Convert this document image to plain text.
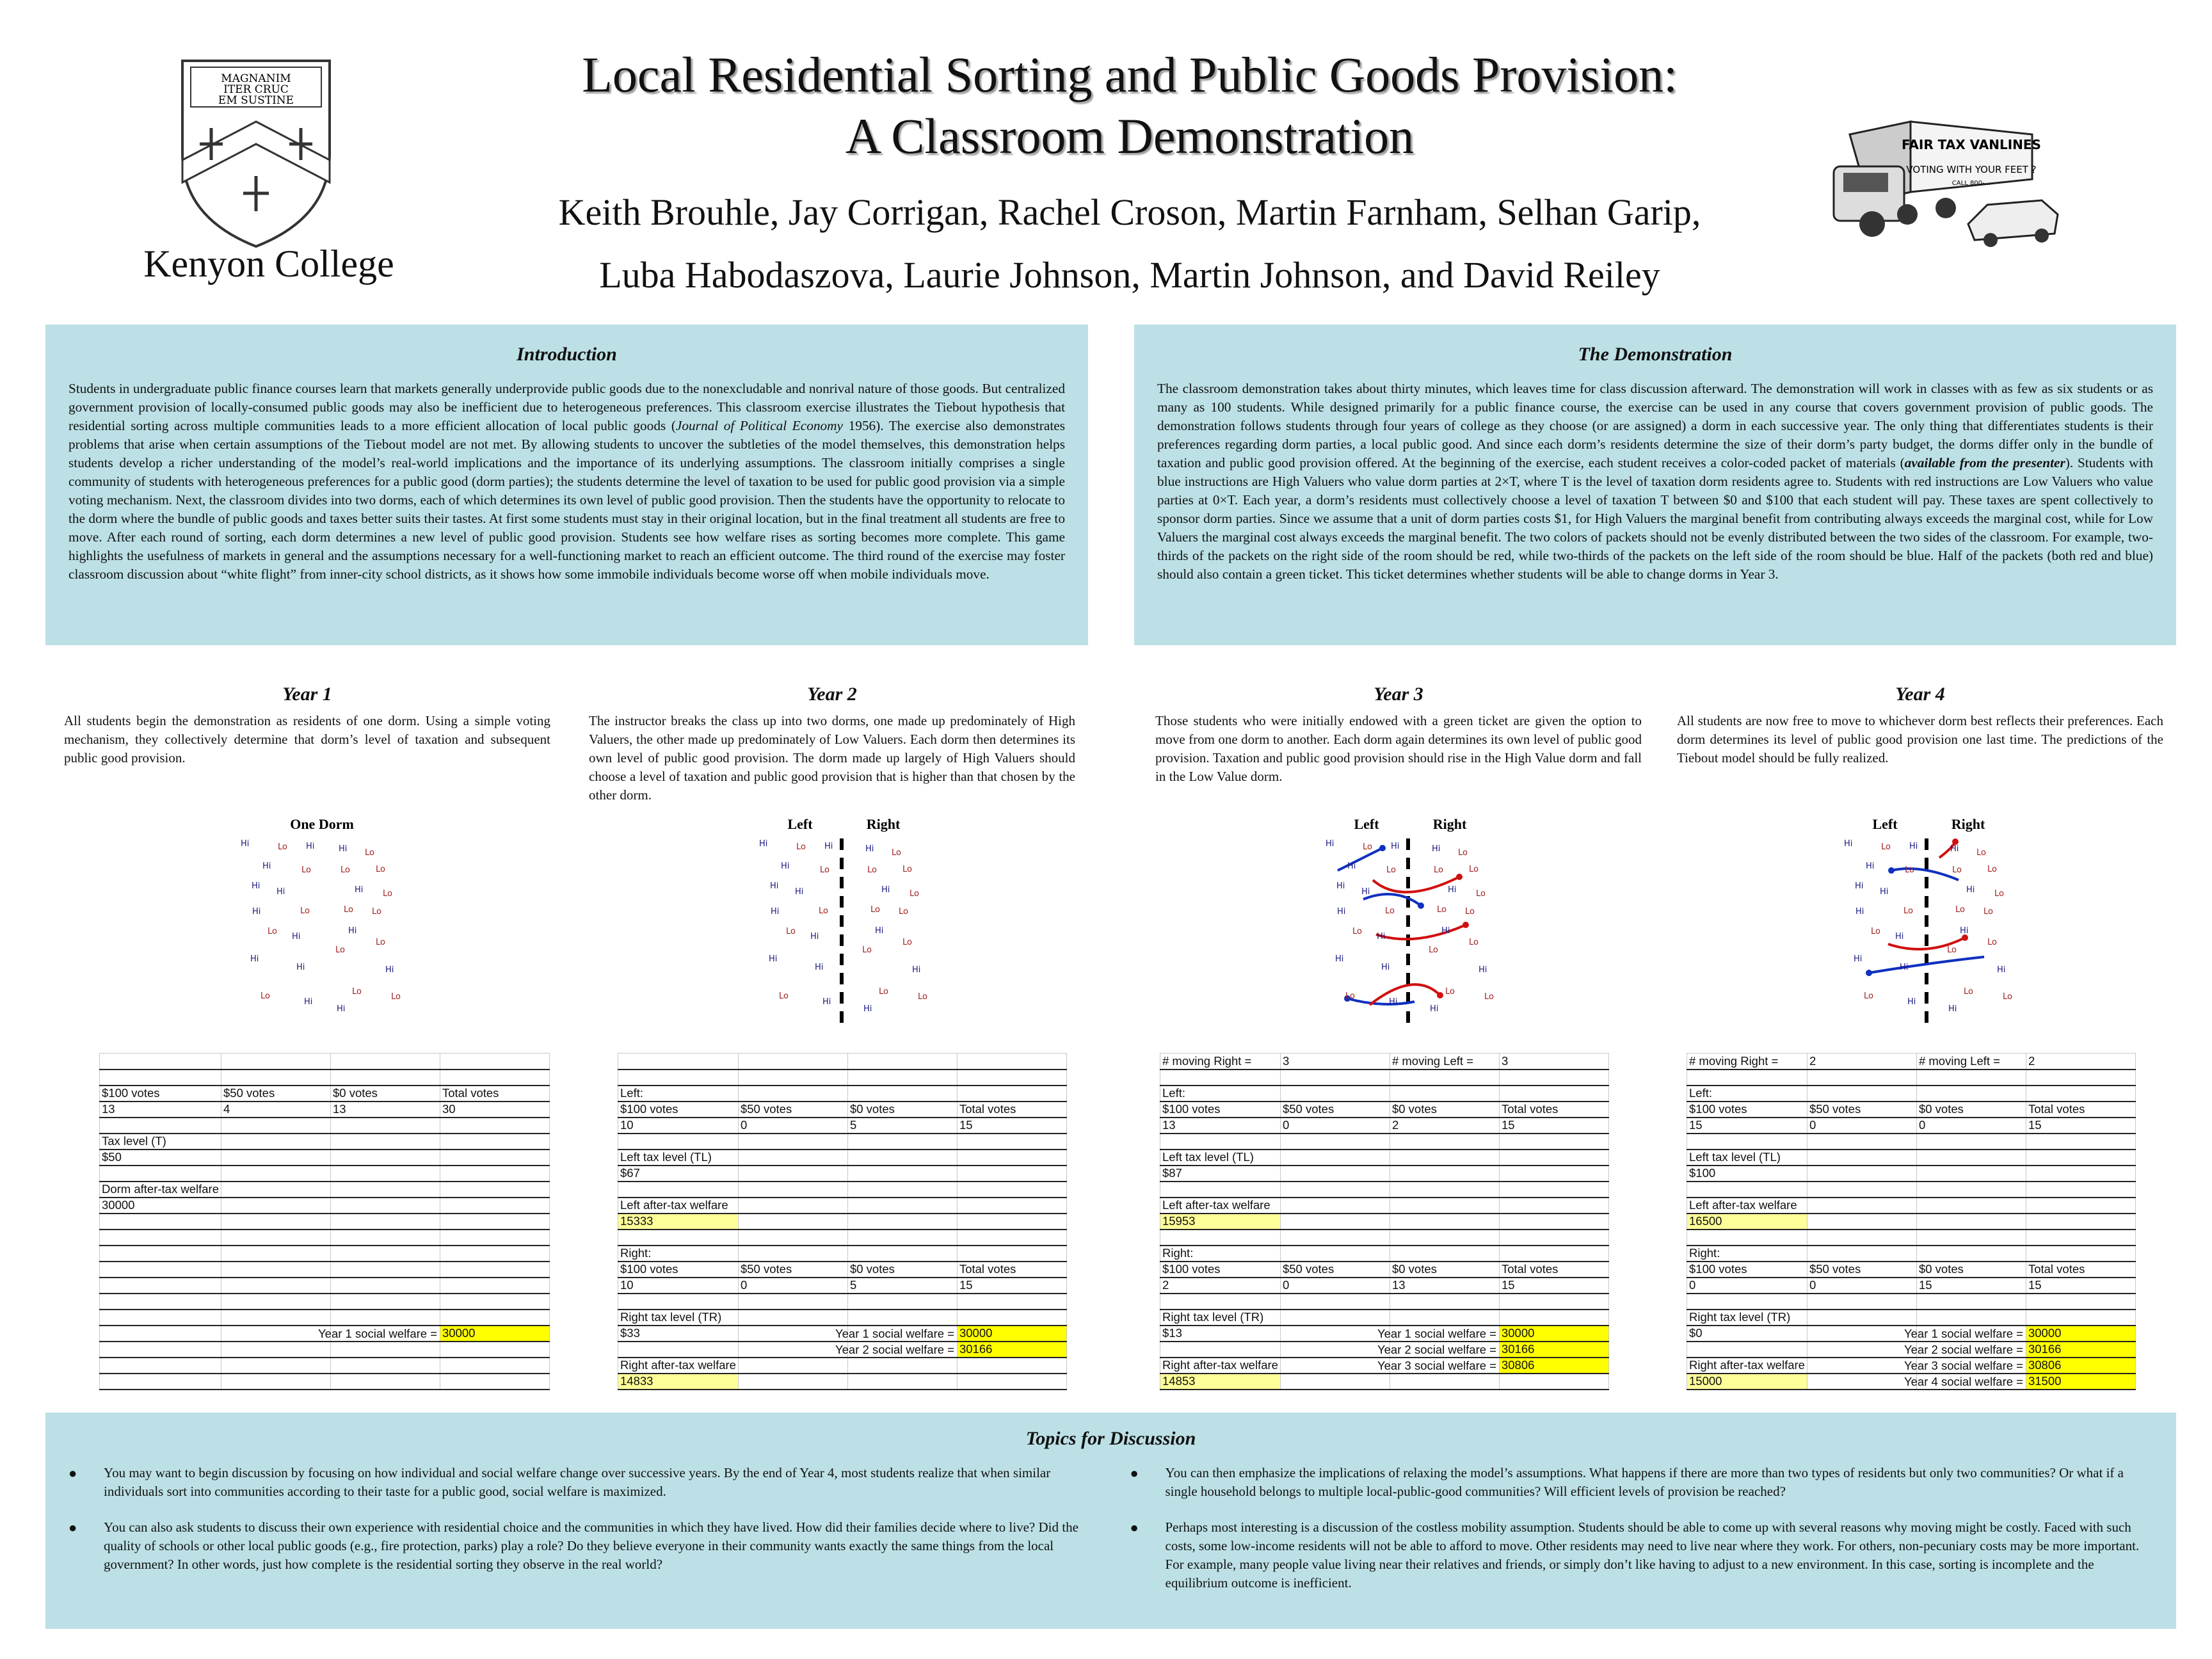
MAGNANIM
ITER CRUC
EM SUSTINE
Kenyon College
Local Residential Sorting and Public Goods Provision:
A Classroom Demonstration
Keith Brouhle, Jay Corrigan, Rachel Croson, Martin Farnham, Selhan Garip,
Luba Habodaszova, Laurie Johnson, Martin Johnson, and David Reiley
FAIR TAX VANLINES
VOTING WITH YOUR FEET ?
CALL 800-...
Introduction

Students in undergraduate public finance courses learn that markets generally underprovide public goods due to the nonexcludable and nonrival nature of those goods. But centralized government provision of locally-consumed public goods may also be inefficient due to heterogeneous preferences. This classroom exercise illustrates the Tiebout hypothesis that residential sorting across multiple communities leads to a more efficient allocation of local public goods (Journal of Political Economy 1956). The exercise also demonstrates problems that arise when certain assumptions of the Tiebout model are not met. By allowing students to uncover the subtleties of the model themselves, this demonstration helps students develop a richer understanding of the model’s real-world implications and the importance of its underlying assumptions. The classroom initially comprises a single community of students with heterogeneous preferences for a public good (dorm parties); the students determine the level of taxation to be used for public good provision via a simple voting mechanism. Next, the classroom divides into two dorms, each of which determines its own level of public good provision. Then the students have the opportunity to relocate to the dorm where the bundle of public goods and taxes better suits their tastes. At first some students must stay in their original location, but in the final treatment all students are free to move. After each round of sorting, each dorm determines a new level of public good provision. Students see how welfare rises as sorting becomes more complete. This game highlights the usefulness of markets in general and the assumptions necessary for a well-functioning market to reach an efficient outcome. The third round of the exercise may foster classroom discussion about “white flight” from inner-city school districts, as it shows how some immobile individuals become worse off when mobile individuals move.

The Demonstration

The classroom demonstration takes about thirty minutes, which leaves time for class discussion afterward. The demonstration will work in classes with as few as six students or as many as 100 students. While designed primarily for a public finance course, the exercise can be used in any course that covers government provision of public goods. The demonstration follows students through four years of college as they choose (or are assigned) a dorm in each successive year. The only thing that differentiates students is their preferences regarding dorm parties, a local public good. And since each dorm’s residents determine the size of their dorm’s party budget, the dorms differ only in the bundle of taxation and public good provision offered. At the beginning of the exercise, each student receives a color-coded packet of materials (available from the presenter). Students with blue instructions are High Valuers who value dorm parties at 2×T, where T is the level of taxation dorm residents agree to. Students with red instructions are Low Valuers who value parties at 0×T. Each year, a dorm’s residents must collectively choose a level of taxation T between $0 and $100 that each student will pay. These taxes are spent collectively to sponsor dorm parties. Since we assume that a unit of dorm parties costs $1, for High Valuers the marginal benefit from contributing always exceeds the marginal cost, while for Low Valuers the marginal cost always exceeds the marginal benefit. The two colors of packets should not be evenly distributed between the two sides of the classroom. For example, two-thirds of the packets on the right side of the room should be red, while two-thirds of the packets on the left side of the room should be blue. Half of the packets (both red and blue) should also contain a green ticket. This ticket determines whether students will be able to change dorms in Year 3.

Year 1

All students begin the demonstration as residents of one dorm. Using a simple voting mechanism, they collectively determine that dorm’s level of taxation and subsequent public good provision.

One Dorm
Hi	Lo Hi	Hi Lo
Hi	Lo	Lo	Lo
Hi
Hi	Hi Lo
Hi	Lo	Lo Lo
Lo
Hi
Hi
Lo
Lo
Hi
Hi	Hi
Lo
Hi
Lo
Lo
Hi

$100 votes	$50 votes	$0 votes	Total votes
13	4	13	30

Tax level (T)			
$50			

Dorm after-tax welfare			
30000			

		Year 1 social welfare =	30000

Year 2

The instructor breaks the class up into two dorms, one made up predominately of High Valuers, the other made up predominately of Low Valuers. Each dorm then determines its own level of public good provision. The dorm made up largely of High Valuers should choose a level of taxation and public good provision that is higher than that chosen by the other dorm.

Left	Right
Hi	Lo Hi	Hi Lo
Hi	Lo	Lo	Lo
Hi
Hi	Hi Lo
Hi	Lo	Lo Lo
Lo
Hi
Hi
Lo
Lo
Hi
Hi	Hi
Lo
Hi
Lo
Lo
Hi

Left:			
$100 votes	$50 votes	$0 votes	Total votes
10	0	5	15

Left tax level (TL)			
$67			

Left after-tax welfare			
15333			

Right:			
$100 votes	$50 votes	$0 votes	Total votes
10	0	5	15

Right tax level (TR)			
$33		Year 1 social welfare =	30000

		Year 2 social welfare =	30166
Right after-tax welfare			
14833			
Year 3

Those students who were initially endowed with a green ticket are given the option to move from one dorm to another. Each dorm again determines its own level of public good provision. Taxation and public good provision should rise in the High Value dorm and fall in the Low Value dorm.

Left	Right
Hi	Lo Hi	Hi Lo
Hi	Lo	Lo	Lo
Hi
Hi	Hi Lo
Hi	Lo	Lo Lo
Lo
Hi
Hi
Lo
Lo
Hi
Hi	Hi
Lo
Hi
Lo
Lo
Hi
# moving Right =	3	# moving Left =	3

Left:			
$100 votes	$50 votes	$0 votes	Total votes
13	0	2	15

Left tax level (TL)			
$87			

Left after-tax welfare			
15953			

Right:			
$100 votes	$50 votes	$0 votes	Total votes
2	0	13	15

Right tax level (TR)			
$13		Year 1 social welfare =	30000

		Year 2 social welfare =	30166
Right after-tax welfare		Year 3 social welfare =	30806
14853			
Year 4

All students are now free to move to whichever dorm best reflects their preferences. Each dorm determines its level of public good provision one last time. The predictions of the Tiebout model should be fully realized.

Left	Right
Hi	Lo Hi	Hi Lo
Hi	Lo	Lo	Lo
Hi
Hi	Hi Lo
Hi	Lo	Lo Lo
Lo
Hi
Hi
Lo
Lo
Hi
Hi	Hi
Lo
Hi
Lo
Lo
Hi
# moving Right =	2	# moving Left =	2

Left:			
$100 votes	$50 votes	$0 votes	Total votes
15	0	0	15

Left tax level (TL)			
$100			

Left after-tax welfare			
16500			

Right:			
$100 votes	$50 votes	$0 votes	Total votes
0	0	15	15

Right tax level (TR)			
$0		Year 1 social welfare =	30000

		Year 2 social welfare =	30166
Right after-tax welfare		Year 3 social welfare =	30806
15000		Year 4 social welfare =	31500
Topics for Discussion
●	You may want to begin discussion by focusing on how individual and social welfare change over successive years. By the end of Year 4, most students realize that when similar individuals sort into communities according to their taste for a public good, social welfare is maximized.
●	You can also ask students to discuss their own experience with residential choice and the communities in which they have lived. How did their families decide where to live? Did the quality of schools or other local public goods (e.g., fire protection, parks) play a role? Do they believe everyone in their community wants exactly the same things from the local government? In other words, just how complete is the residential sorting they observe in the real world?
●	You can then emphasize the implications of relaxing the model’s assumptions. What happens if there are more than two types of residents but only two communities? Or what if a single household belongs to multiple local-public-good communities? Will efficient levels of provision be reached?
●	Perhaps most interesting is a discussion of the costless mobility assumption. Students should be able to come up with several reasons why moving might be costly. Faced with such costs, some low-income residents will not be able to afford to move. Other residents may need to live near where they work. For others, non-pecuniary costs may be more important. For example, many people value living near their relatives and friends, or simply don’t like having to adjust to a new environment. In this case, sorting is incomplete and the equilibrium outcome is inefficient.
